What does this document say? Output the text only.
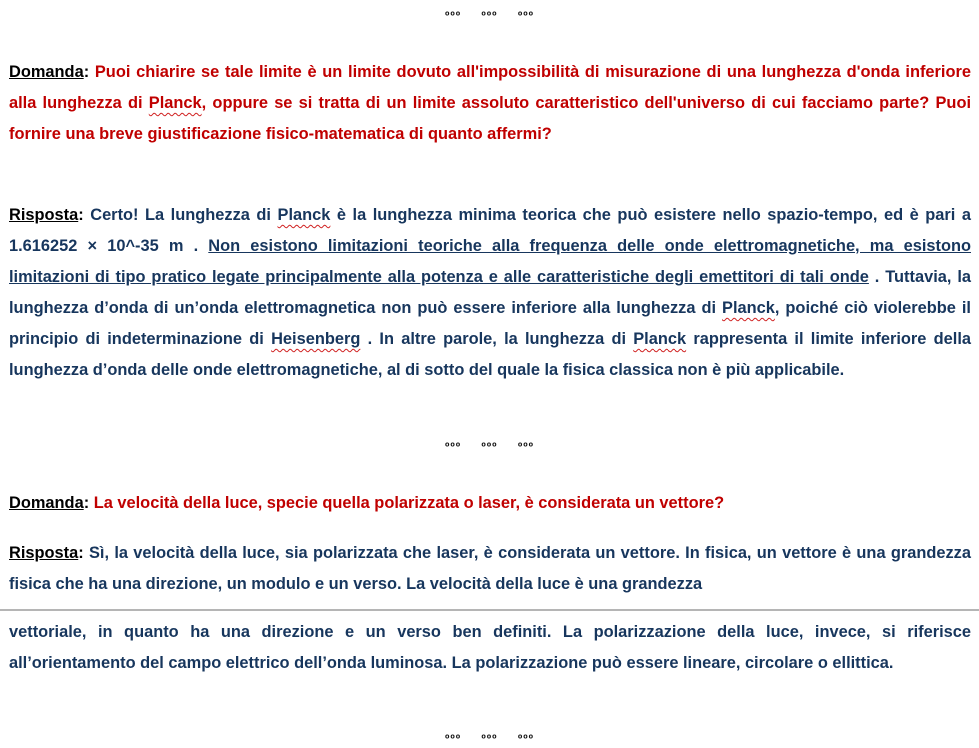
ººº ººº ººº

Domanda: Puoi chiarire se tale limite è un limite dovuto all'impossibilità di misurazione di una lunghezza d'onda inferiore alla lunghezza di Planck, oppure se si tratta di un limite assoluto caratteristico dell'universo di cui facciamo parte? Puoi fornire una breve giustificazione fisico-matematica di quanto affermi?

Risposta: Certo! La lunghezza di Planck è la lunghezza minima teorica che può esistere nello spazio-tempo, ed è pari a 1.616252 × 10^-35 m . Non esistono limitazioni teoriche alla frequenza delle onde elettromagnetiche, ma esistono limitazioni di tipo pratico legate principalmente alla potenza e alle caratteristiche degli emettitori di tali onde . Tuttavia, la lunghezza d’onda di un’onda elettromagnetica non può essere inferiore alla lunghezza di Planck, poiché ciò violerebbe il principio di indeterminazione di Heisenberg . In altre parole, la lunghezza di Planck rappresenta il limite inferiore della lunghezza d’onda delle onde elettromagnetiche, al di sotto del quale la fisica classica non è più applicabile.

ººº ººº ººº

Domanda: La velocità della luce, specie quella polarizzata o laser, è considerata un vettore?

Risposta: Sì, la velocità della luce, sia polarizzata che laser, è considerata un vettore. In fisica, un vettore è una grandezza fisica che ha una direzione, un modulo e un verso. La velocità della luce è una grandezza

vettoriale, in quanto ha una direzione e un verso ben definiti. La polarizzazione della luce, invece, si riferisce all’orientamento del campo elettrico dell’onda luminosa. La polarizzazione può essere lineare, circolare o ellittica.

ººº ººº ººº
